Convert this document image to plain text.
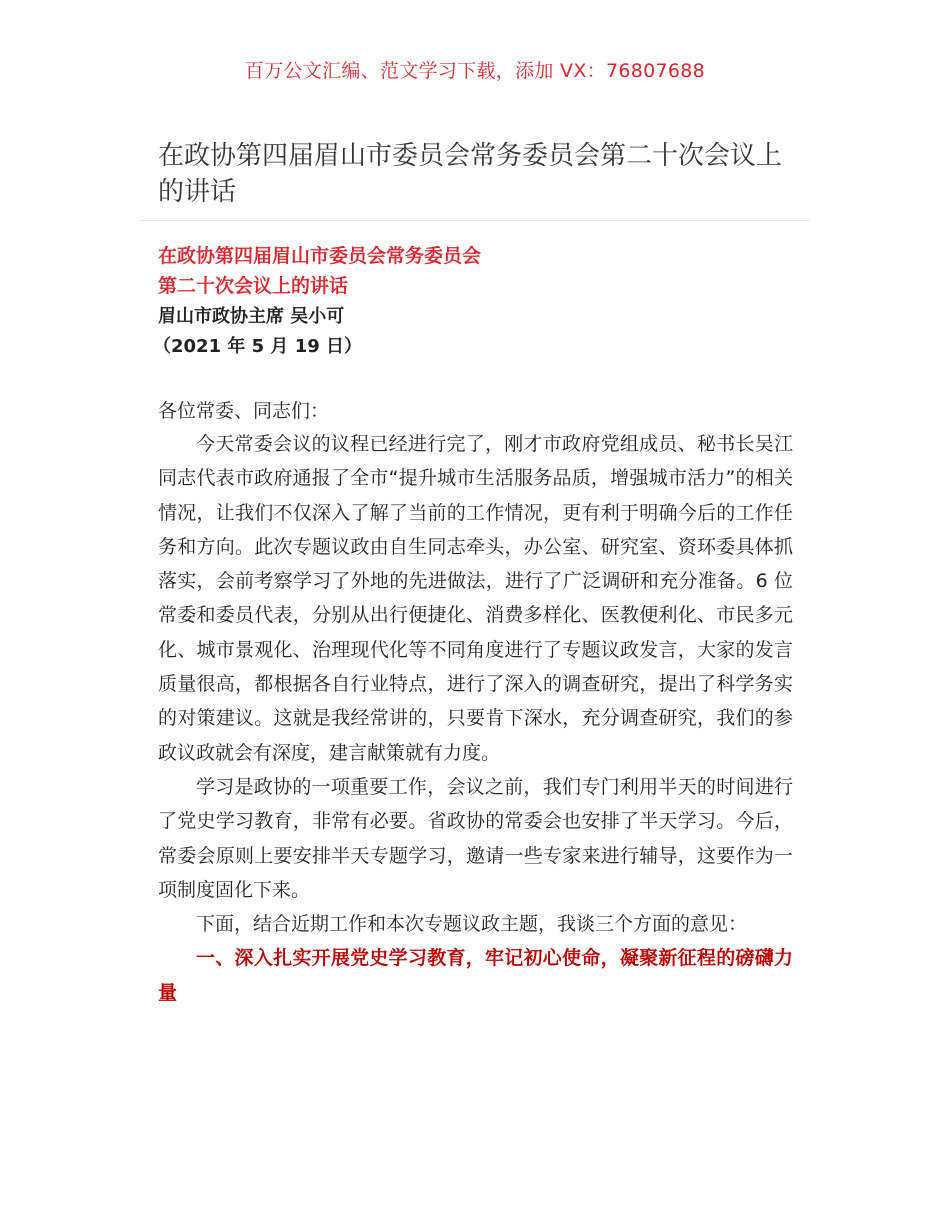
百万公文汇编、范文学习下载，添加 VX：76807688
在政协第四届眉山市委员会常务委员会第二十次会议上的讲话
在政协第四届眉山市委员会常务委员会
第二十次会议上的讲话
眉山市政协主席 吴小可
（2021 年 5 月 19 日）
各位常委、同志们：

今天常委会议的议程已经进行完了，刚才市政府党组成员、秘书长吴江同志代表市政府通报了全市“提升城市生活服务品质，增强城市活力”的相关情况，让我们不仅深入了解了当前的工作情况，更有利于明确今后的工作任务和方向。此次专题议政由自生同志牵头，办公室、研究室、资环委具体抓落实，会前考察学习了外地的先进做法，进行了广泛调研和充分准备。6 位常委和委员代表，分别从出行便捷化、消费多样化、医教便利化、市民多元化、城市景观化、治理现代化等不同角度进行了专题议政发言，大家的发言质量很高，都根据各自行业特点，进行了深入的调查研究，提出了科学务实的对策建议。这就是我经常讲的，只要肯下深水，充分调查研究，我们的参政议政就会有深度，建言献策就有力度。

学习是政协的一项重要工作，会议之前，我们专门利用半天的时间进行了党史学习教育，非常有必要。省政协的常委会也安排了半天学习。今后，常委会原则上要安排半天专题学习，邀请一些专家来进行辅导，这要作为一项制度固化下来。

下面，结合近期工作和本次专题议政主题，我谈三个方面的意见：

一、深入扎实开展党史学习教育，牢记初心使命，凝聚新征程的磅礴力量
